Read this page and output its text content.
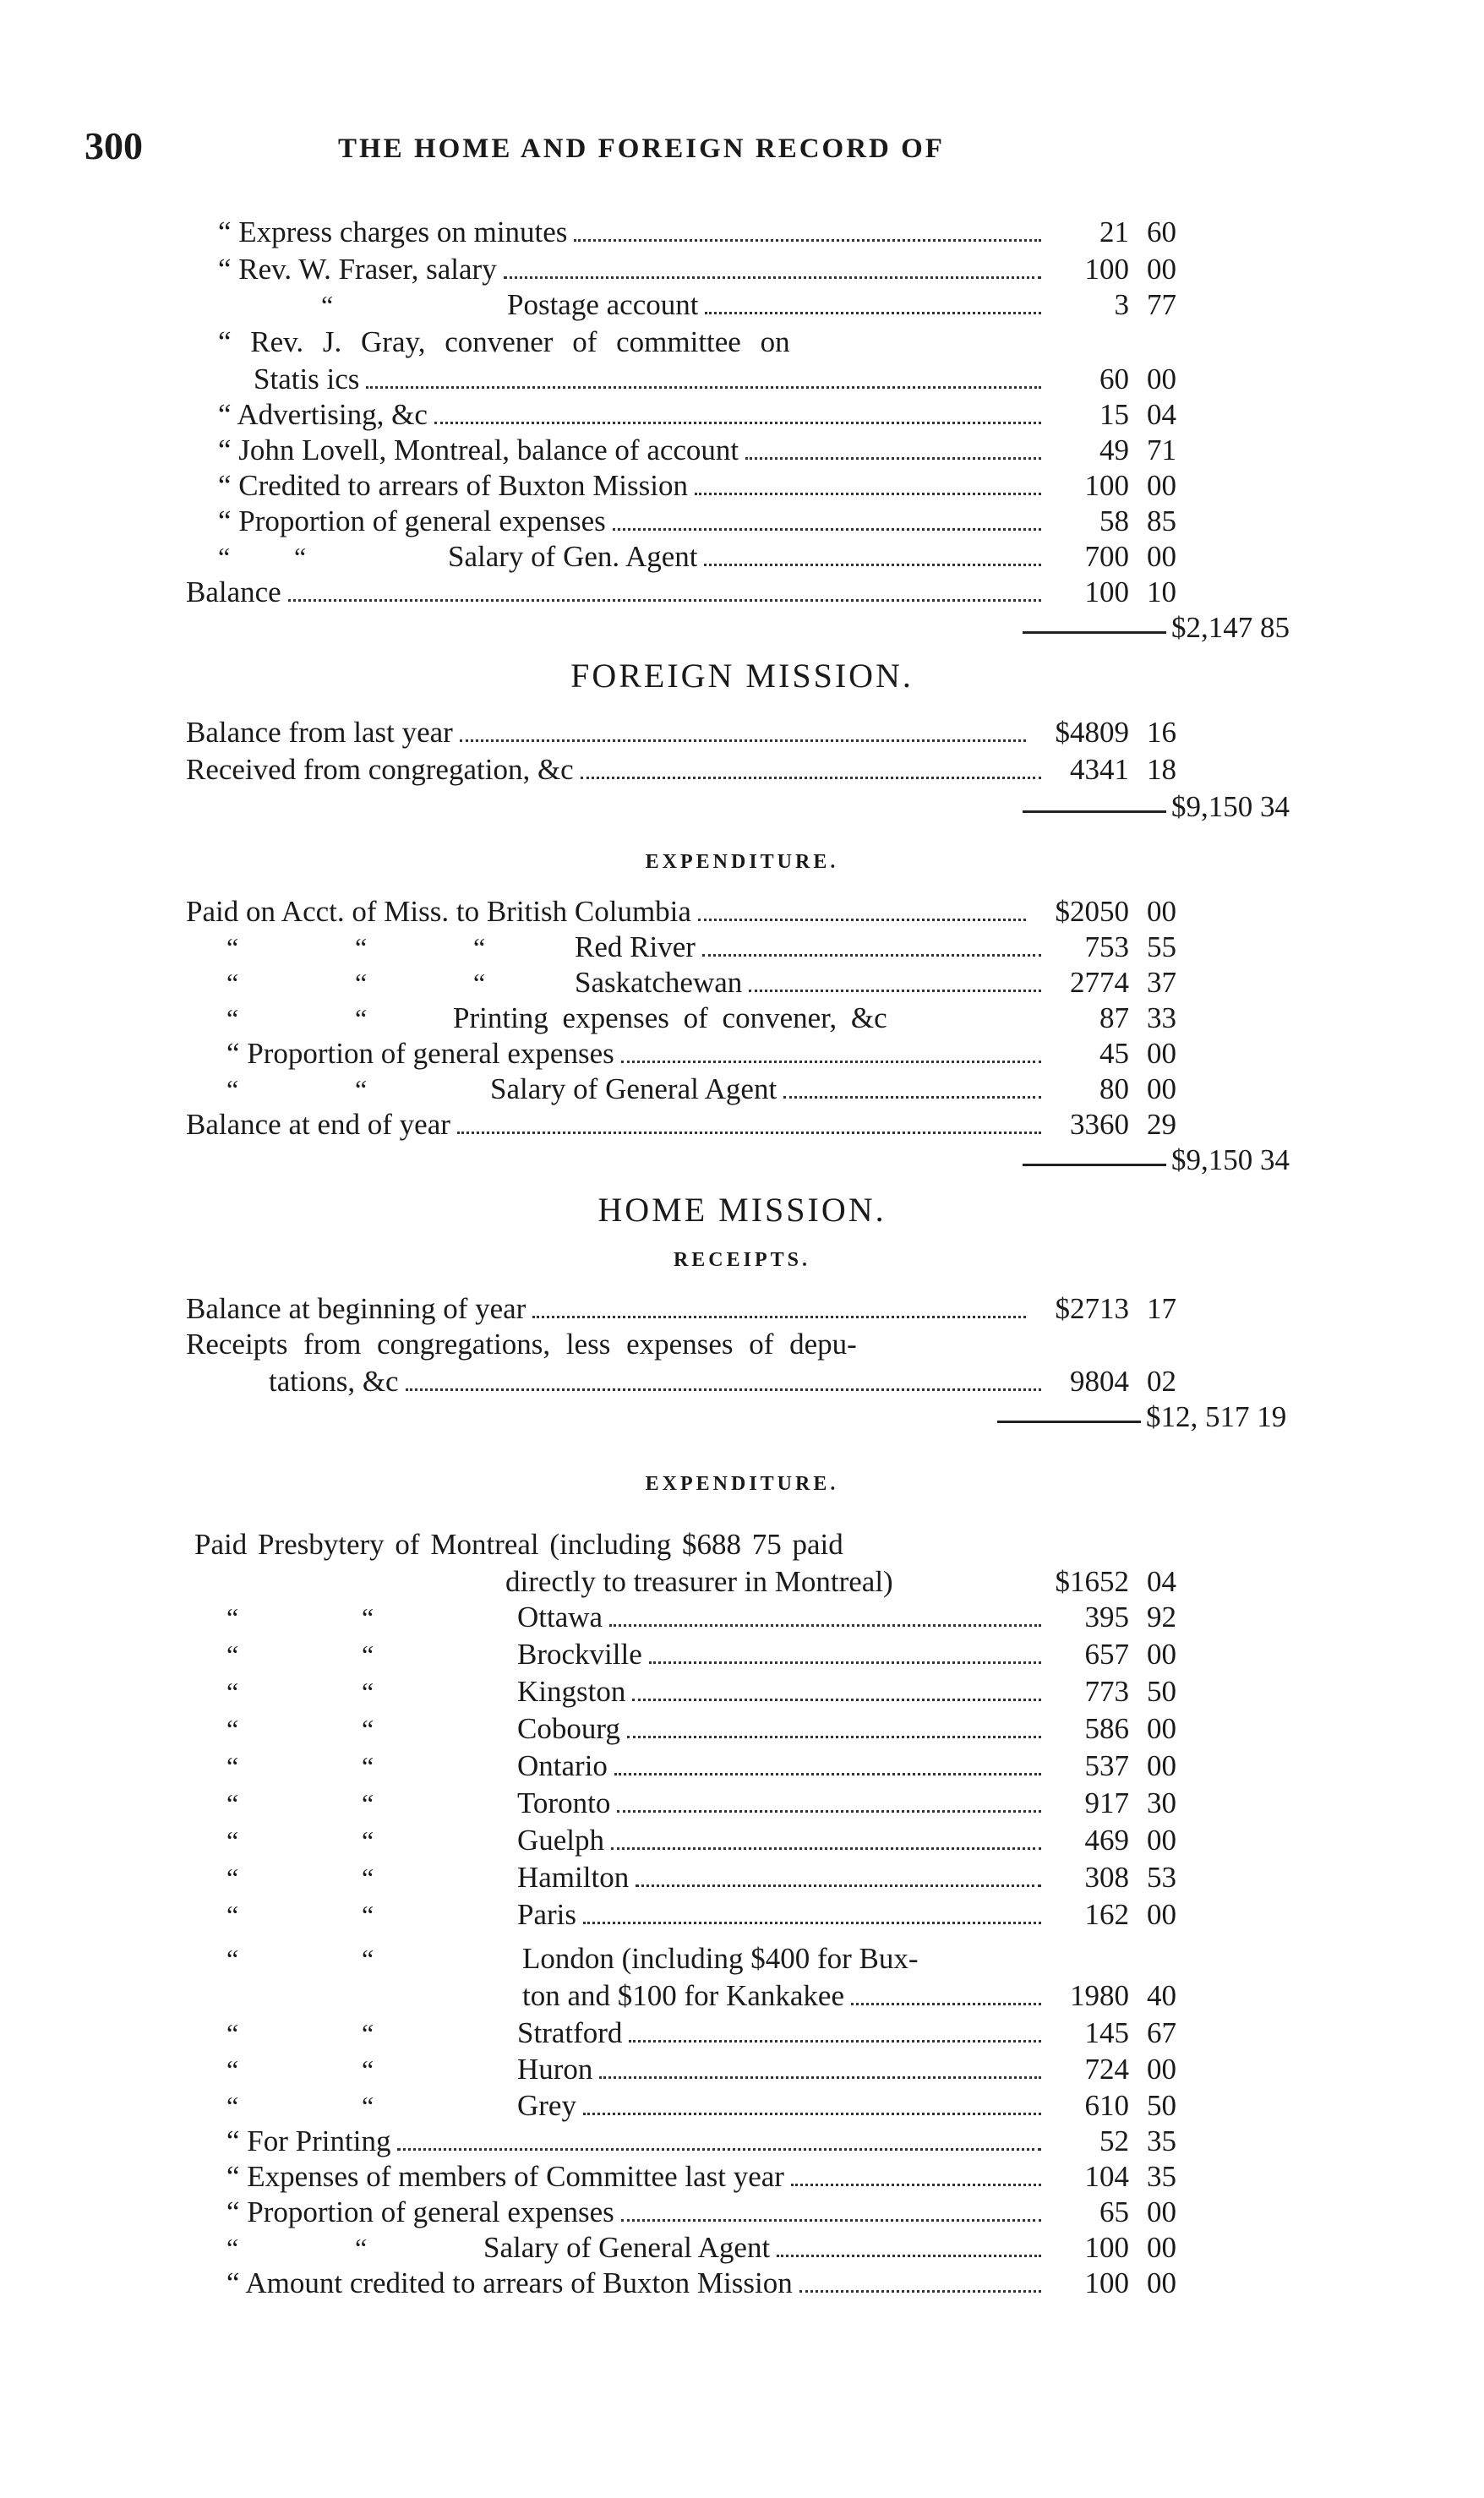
300	THE HOME AND FOREIGN RECORD OF
“ Express charges on minutes	21 60
“ Rev. W. Fraser, salary	100 00
“	Postage account	3 77
“ Rev. J. Gray, convener of committee on
Statis ics	60 00
“ Advertising, &c	15 04
“ John Lovell, Montreal, balance of account	49 71
“ Credited to arrears of Buxton Mission	100 00
“ Proportion of general expenses	58 85
“ “	Salary of Gen. Agent	700 00
Balance	100 10
$2,147 85
FOREIGN MISSION.
Balance from last year	$4809 16
Received from congregation, &c	4341 18
$9,150 34
EXPENDITURE.
Paid on Acct. of Miss. to British Columbia	$2050 00
“	“	“	Red River	753 55
“	“	“	Saskatchewan	2774 37
“	“	Printing expenses of convener, &c	87 33
“ Proportion of general expenses	45 00
“	“	Salary of General Agent	80 00
Balance at end of year	3360 29
$9,150 34
HOME MISSION.
RECEIPTS.
Balance at beginning of year	$2713 17
Receipts from congregations, less expenses of depu-
tations, &c	9804 02
$12, 517 19
EXPENDITURE.
Paid Presbytery of Montreal (including $688 75 paid
directly to treasurer in Montreal)	$1652 04
“	“	Ottawa	395 92
“	“	Brockville	657 00
“	“	Kingston	773 50
“	“	Cobourg	586 00
“	“	Ontario	537 00
“	“	Toronto	917 30
“	“	Guelph	469 00
“	“	Hamilton	308 53
“	“	Paris	162 00
“	“	London (including $400 for Bux-
ton and $100 for Kankakee	1980 40
“	“	Stratford	145 67
“	“	Huron	724 00
“	“	Grey	610 50
“ For Printing	52 35
“ Expenses of members of Committee last year	104 35
“ Proportion of general expenses	65 00
“	“	Salary of General Agent	100 00
“ Amount credited to arrears of Buxton Mission	100 00
